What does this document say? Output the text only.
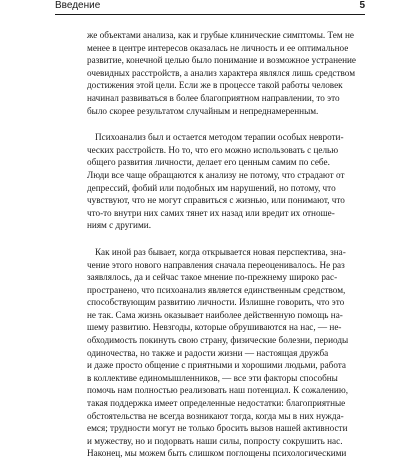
Введение	5
же объектами анализа, как и грубые клинические симптомы. Тем не
менее в центре интересов оказалась не личность и ее оптимальное
развитие, конечной целью было понимание и возможное устранение
очевидных расстройств, а анализ характера являлся лишь средством
достижения этой цели. Если же в процессе такой работы человек
начинал развиваться в более благоприятном направлении, то это
было скорее результатом случайным и непреднамеренным.
Психоанализ был и остается методом терапии особых невроти-
ческих расстройств. Но то, что его можно использовать с целью
общего развития личности, делает его ценным самим по себе.
Люди все чаще обращаются к анализу не потому, что страдают от
депрессий, фобий или подобных им нарушений, но потому, что
чувствуют, что не могут справиться с жизнью, или понимают, что
что-то внутри них самих тянет их назад или вредит их отноше-
ниям с другими.
Как иной раз бывает, когда открывается новая перспектива, зна-
чение этого нового направления сначала переоценивалось. Не раз
заявлялось, да и сейчас такое мнение по-прежнему широко рас-
пространено, что психоанализ является единственным средством,
способствующим развитию личности. Излишне говорить, что это
не так. Сама жизнь оказывает наиболее действенную помощь на-
шему развитию. Невзгоды, которые обрушиваются на нас, — не-
обходимость покинуть свою страну, физические болезни, периоды
одиночества, но также и радости жизни — настоящая дружба
и даже просто общение с приятными и хорошими людьми, работа
в коллективе единомышленников, — все эти факторы способны
помочь нам полностью реализовать наш потенциал. К сожалению,
такая поддержка имеет определенные недостатки: благоприятные
обстоятельства не всегда возникают тогда, когда мы в них нужда-
емся; трудности могут не только бросить вызов нашей активности
и мужеству, но и подорвать наши силы, попросту сокрушить нас.
Наконец, мы можем быть слишком поглощены психологическими
